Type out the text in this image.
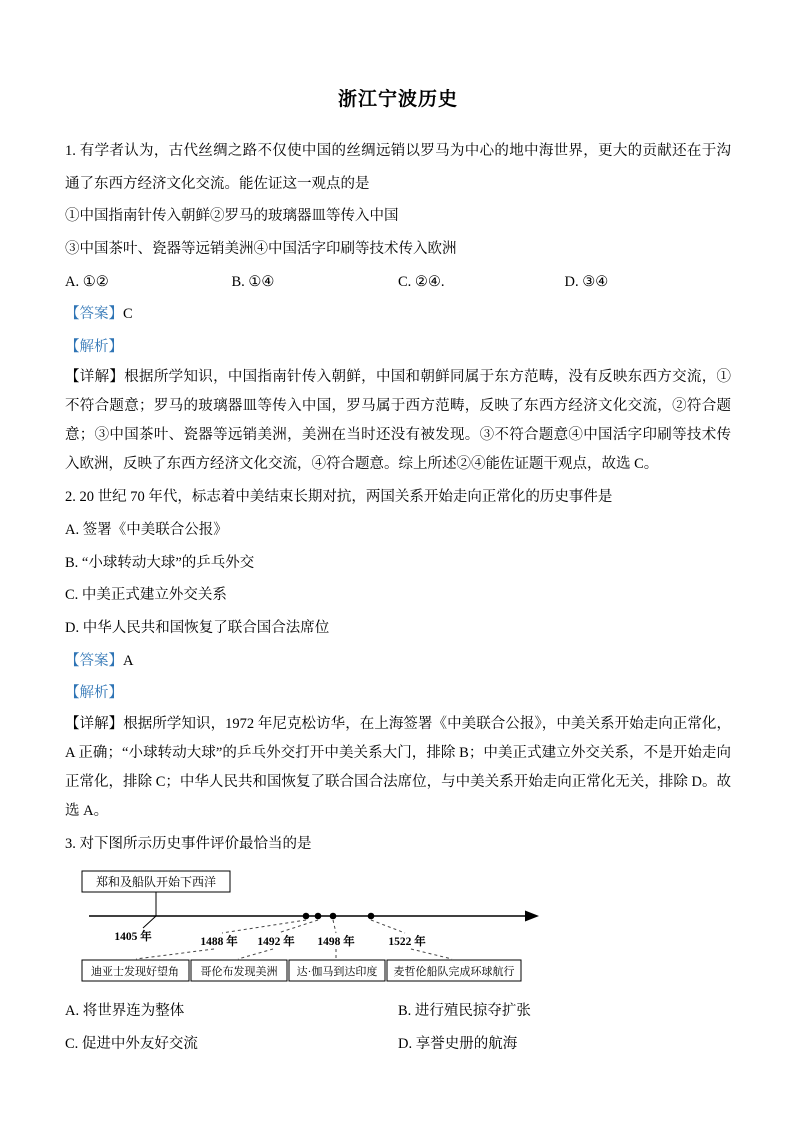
浙江宁波历史

1. 有学者认为，古代丝绸之路不仅使中国的丝绸远销以罗马为中心的地中海世界，更大的贡献还在于沟通了东西方经济文化交流。能佐证这一观点的是

①中国指南针传入朝鲜②罗马的玻璃器皿等传入中国

③中国茶叶、瓷器等远销美洲④中国活字印刷等技术传入欧洲

A. ①②	B. ①④	C. ②④.	D. ③④

【答案】C

【解析】

【详解】根据所学知识，中国指南针传入朝鲜，中国和朝鲜同属于东方范畴，没有反映东西方交流，①不符合题意；罗马的玻璃器皿等传入中国，罗马属于西方范畴，反映了东西方经济文化交流，②符合题意；③中国茶叶、瓷器等远销美洲，美洲在当时还没有被发现。③不符合题意④中国活字印刷等技术传入欧洲，反映了东西方经济文化交流，④符合题意。综上所述②④能佐证题干观点，故选 C。

2. 20 世纪 70 年代，标志着中美结束长期对抗，两国关系开始走向正常化的历史事件是

A. 签署《中美联合公报》
B. “小球转动大球”的乒乓外交
C. 中美正式建立外交关系
D. 中华人民共和国恢复了联合国合法席位

【答案】A

【解析】

【详解】根据所学知识，1972 年尼克松访华，在上海签署《中美联合公报》，中美关系开始走向正常化，A 正确；“小球转动大球”的乒乓外交打开中美关系大门，排除 B；中美正式建立外交关系，不是开始走向正常化，排除 C；中华人民共和国恢复了联合国合法席位，与中美关系开始走向正常化无关，排除 D。故选 A。

3. 对下图所示历史事件评价最恰当的是

郑和及船队开始下西洋
1405 年	1488 年 1492 年 1498 年	1522 年
迪亚士发现好望角 哥伦布发现美洲 达·伽马到达印度 麦哲伦船队完成环球航行
A. 将世界连为整体	B. 进行殖民掠夺扩张
C. 促进中外友好交流	D. 享誉史册的航海
